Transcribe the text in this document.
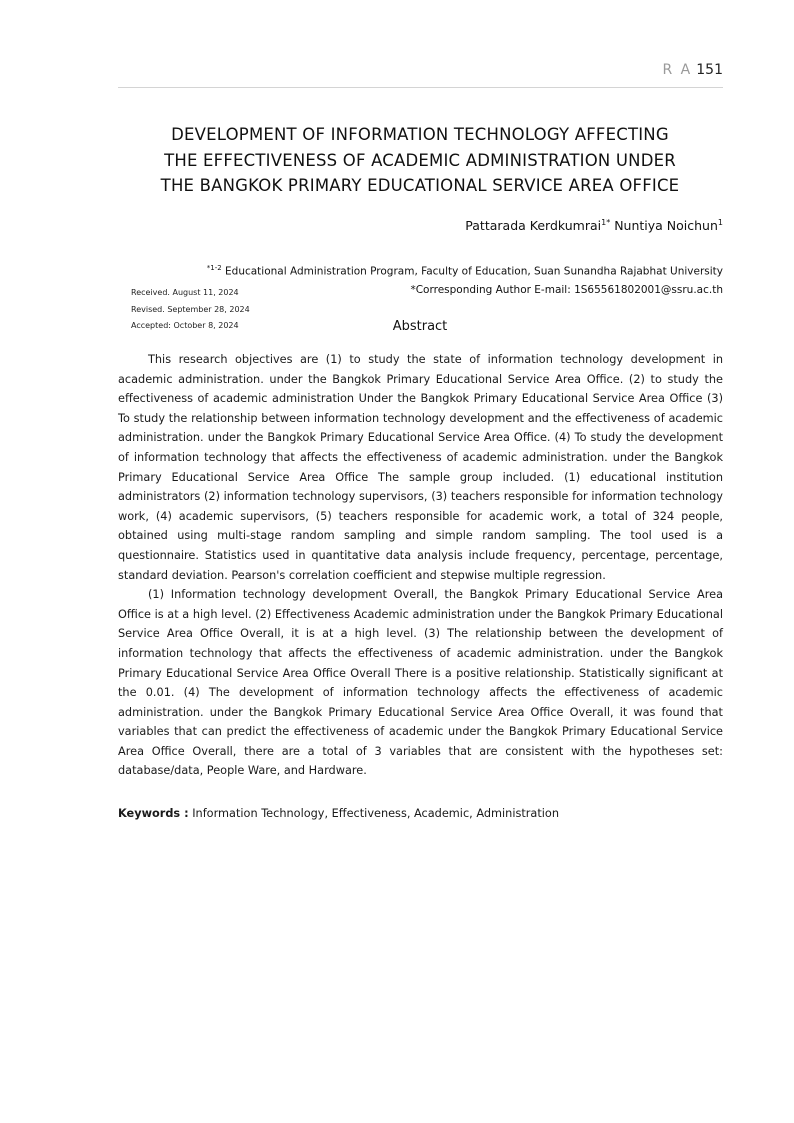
R A 151
DEVELOPMENT OF INFORMATION TECHNOLOGY AFFECTING
THE EFFECTIVENESS OF ACADEMIC ADMINISTRATION UNDER
THE BANGKOK PRIMARY EDUCATIONAL SERVICE AREA OFFICE
Pattarada Kerdkumrai$^{1*}$ Nuntiya Noichun$^1$
$^{*1-2}$ Educational Administration Program, Faculty of Education, Suan Sunandha Rajabhat University
*Corresponding Author E-mail: 1S65561802001@ssru.ac.th
Received. August 11, 2024
Revised. September 28, 2024
Accepted: October 8, 2024	Abstract

This research objectives are (1) to study the state of information technology development in academic administration. under the Bangkok Primary Educational Service Area Office. (2) to study the effectiveness of academic administration Under the Bangkok Primary Educational Service Area Office (3) To study the relationship between information technology development and the effectiveness of academic administration. under the Bangkok Primary Educational Service Area Office. (4) To study the development of information technology that affects the effectiveness of academic administration. under the Bangkok Primary Educational Service Area Office The sample group included. (1) educational institution administrators (2) information technology supervisors, (3) teachers responsible for information technology work, (4) academic supervisors, (5) teachers responsible for academic work, a total of 324 people, obtained using multi-stage random sampling and simple random sampling. The tool used is a questionnaire. Statistics used in quantitative data analysis include frequency, percentage, percentage, standard deviation. Pearson's correlation coefficient and stepwise multiple regression.

(1) Information technology development Overall, the Bangkok Primary Educational Service Area Office is at a high level. (2) Effectiveness Academic administration under the Bangkok Primary Educational Service Area Office Overall, it is at a high level. (3) The relationship between the development of information technology that affects the effectiveness of academic administration. under the Bangkok Primary Educational Service Area Office Overall There is a positive relationship. Statistically significant at the 0.01. (4) The development of information technology affects the effectiveness of academic administration. under the Bangkok Primary Educational Service Area Office Overall, it was found that variables that can predict the effectiveness of academic under the Bangkok Primary Educational Service Area Office Overall, there are a total of 3 variables that are consistent with the hypotheses set: database/data, People Ware, and Hardware.

Keywords : Information Technology, Effectiveness, Academic, Administration
